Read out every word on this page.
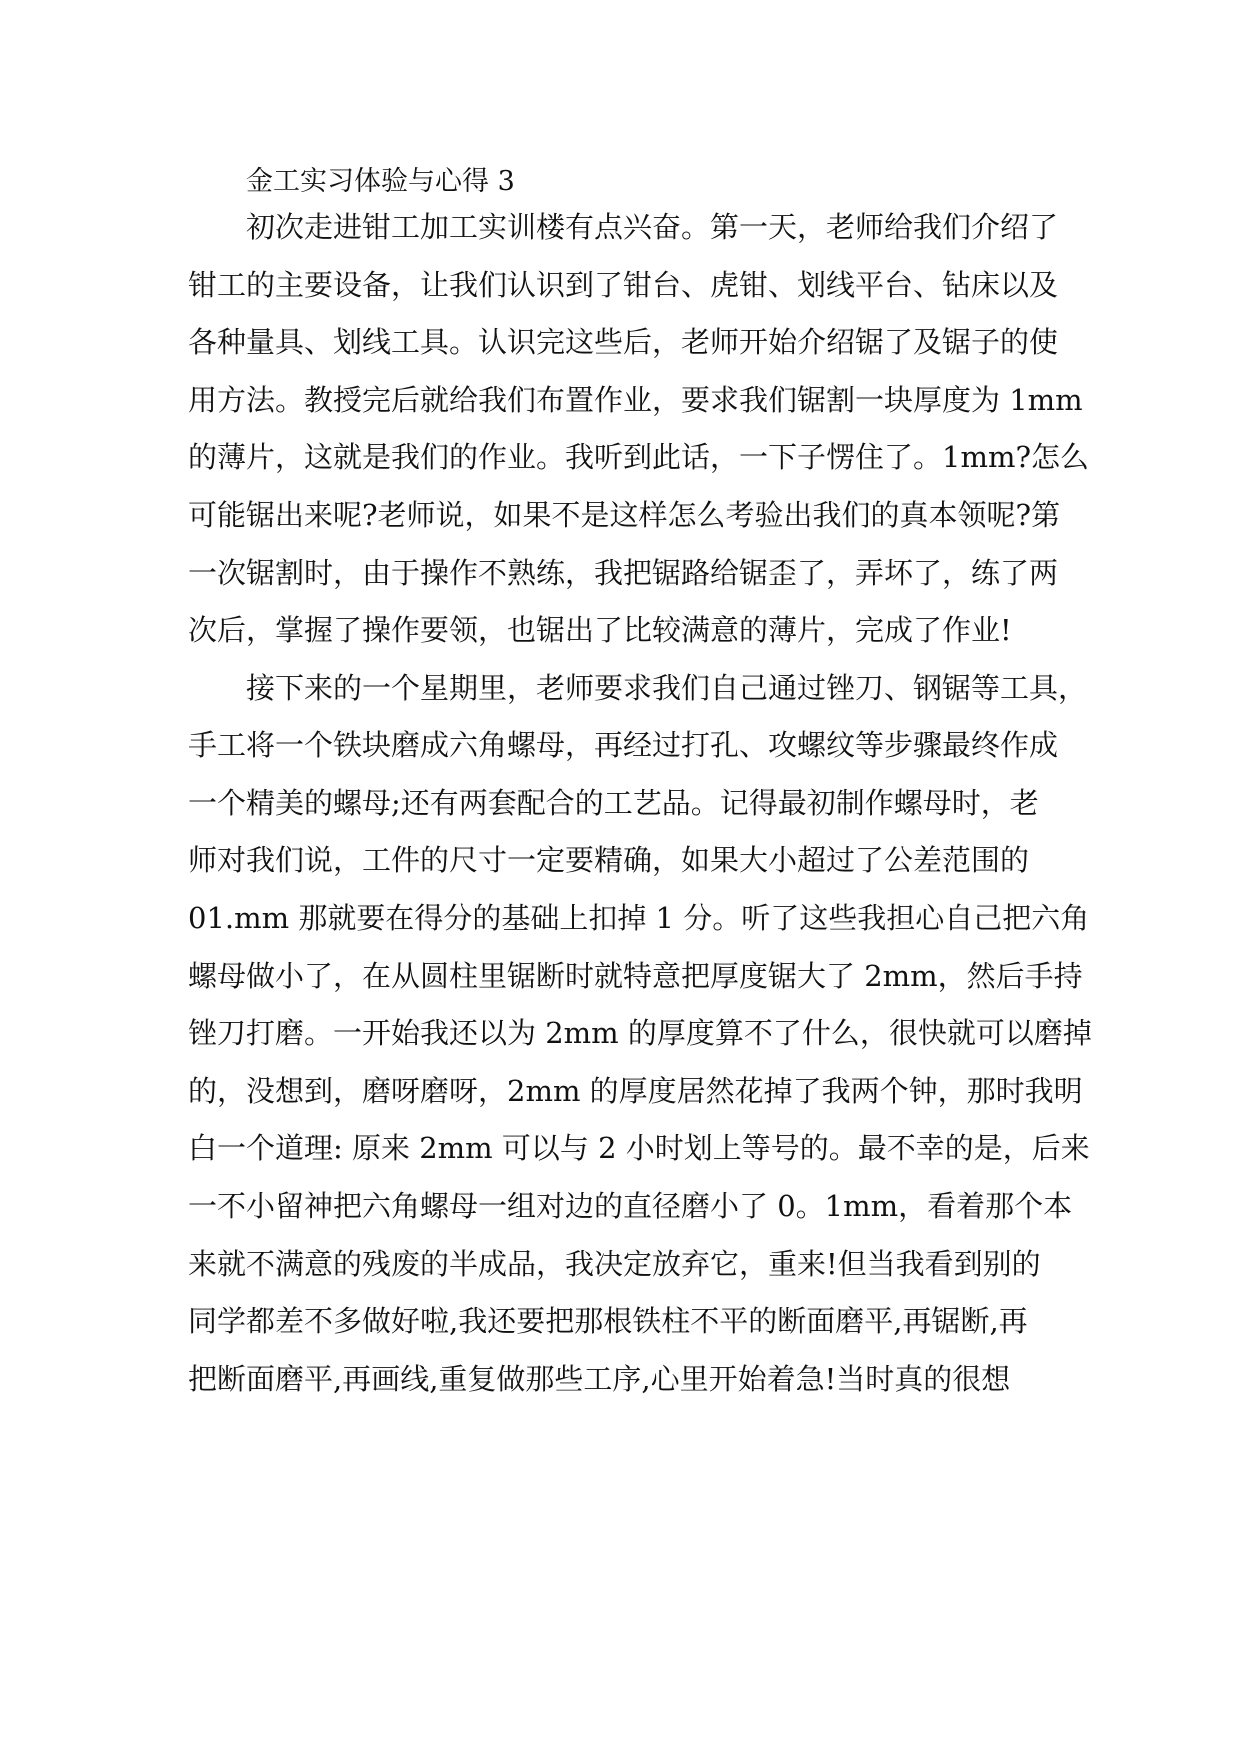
金工实习体验与心得 3
初次走进钳工加工实训楼有点兴奋。第一天，老师给我们介绍了
钳工的主要设备，让我们认识到了钳台、虎钳、划线平台、钻床以及
各种量具、划线工具。认识完这些后，老师开始介绍锯了及锯子的使
用方法。教授完后就给我们布置作业，要求我们锯割一块厚度为 1mm
的薄片，这就是我们的作业。我听到此话，一下子愣住了。1mm?怎么
可能锯出来呢?老师说，如果不是这样怎么考验出我们的真本领呢?第
一次锯割时，由于操作不熟练，我把锯路给锯歪了，弄坏了，练了两
次后，掌握了操作要领，也锯出了比较满意的薄片，完成了作业!
接下来的一个星期里，老师要求我们自己通过锉刀、钢锯等工具，
手工将一个铁块磨成六角螺母，再经过打孔、攻螺纹等步骤最终作成
一个精美的螺母;还有两套配合的工艺品。记得最初制作螺母时，老
师对我们说，工件的尺寸一定要精确，如果大小超过了公差范围的
01.mm 那就要在得分的基础上扣掉 1 分。听了这些我担心自己把六角
螺母做小了，在从圆柱里锯断时就特意把厚度锯大了 2mm，然后手持
锉刀打磨。一开始我还以为 2mm 的厚度算不了什么，很快就可以磨掉
的，没想到，磨呀磨呀，2mm 的厚度居然花掉了我两个钟，那时我明
白一个道理: 原来 2mm 可以与 2 小时划上等号的。最不幸的是，后来
一不小留神把六角螺母一组对边的直径磨小了 0。1mm，看着那个本
来就不满意的残废的半成品，我决定放弃它，重来!但当我看到别的
同学都差不多做好啦,我还要把那根铁柱不平的断面磨平,再锯断,再
把断面磨平,再画线,重复做那些工序,心里开始着急!当时真的很想
